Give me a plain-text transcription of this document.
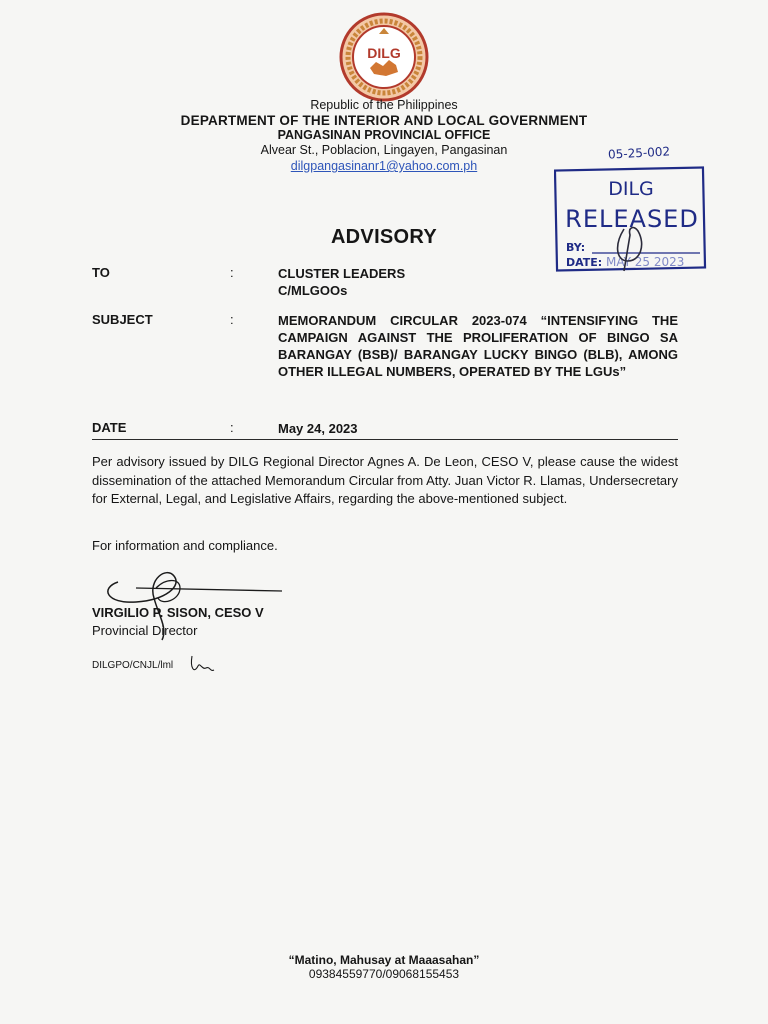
DILG
Republic of the Philippines
DEPARTMENT OF THE INTERIOR AND LOCAL GOVERNMENT
PANGASINAN PROVINCIAL OFFICE
Alvear St., Poblacion, Lingayen, Pangasinan
dilgpangasinanr1@yahoo.com.ph
05-25-002
DILG
RELEASED
BY:
DATE: MAY 25 2023
ADVISORY
TO	:	CLUSTER LEADERS
C/MLGOOs
SUBJECT	:	MEMORANDUM CIRCULAR 2023-074 “INTENSIFYING THE CAMPAIGN AGAINST THE PROLIFERATION OF BINGO SA BARANGAY (BSB)/ BARANGAY LUCKY BINGO (BLB), AMONG OTHER ILLEGAL NUMBERS, OPERATED BY THE LGUs”
DATE	:	May 24, 2023
Per advisory issued by DILG Regional Director Agnes A. De Leon, CESO V, please cause the widest dissemination of the attached Memorandum Circular from Atty. Juan Victor R. Llamas, Undersecretary for External, Legal, and Legislative Affairs, regarding the above-mentioned subject.
For information and compliance.
VIRGILIO P. SISON, CESO V
Provincial Director
DILGPO/CNJL/lml
“Matino, Mahusay at Maaasahan”
09384559770/09068155453
